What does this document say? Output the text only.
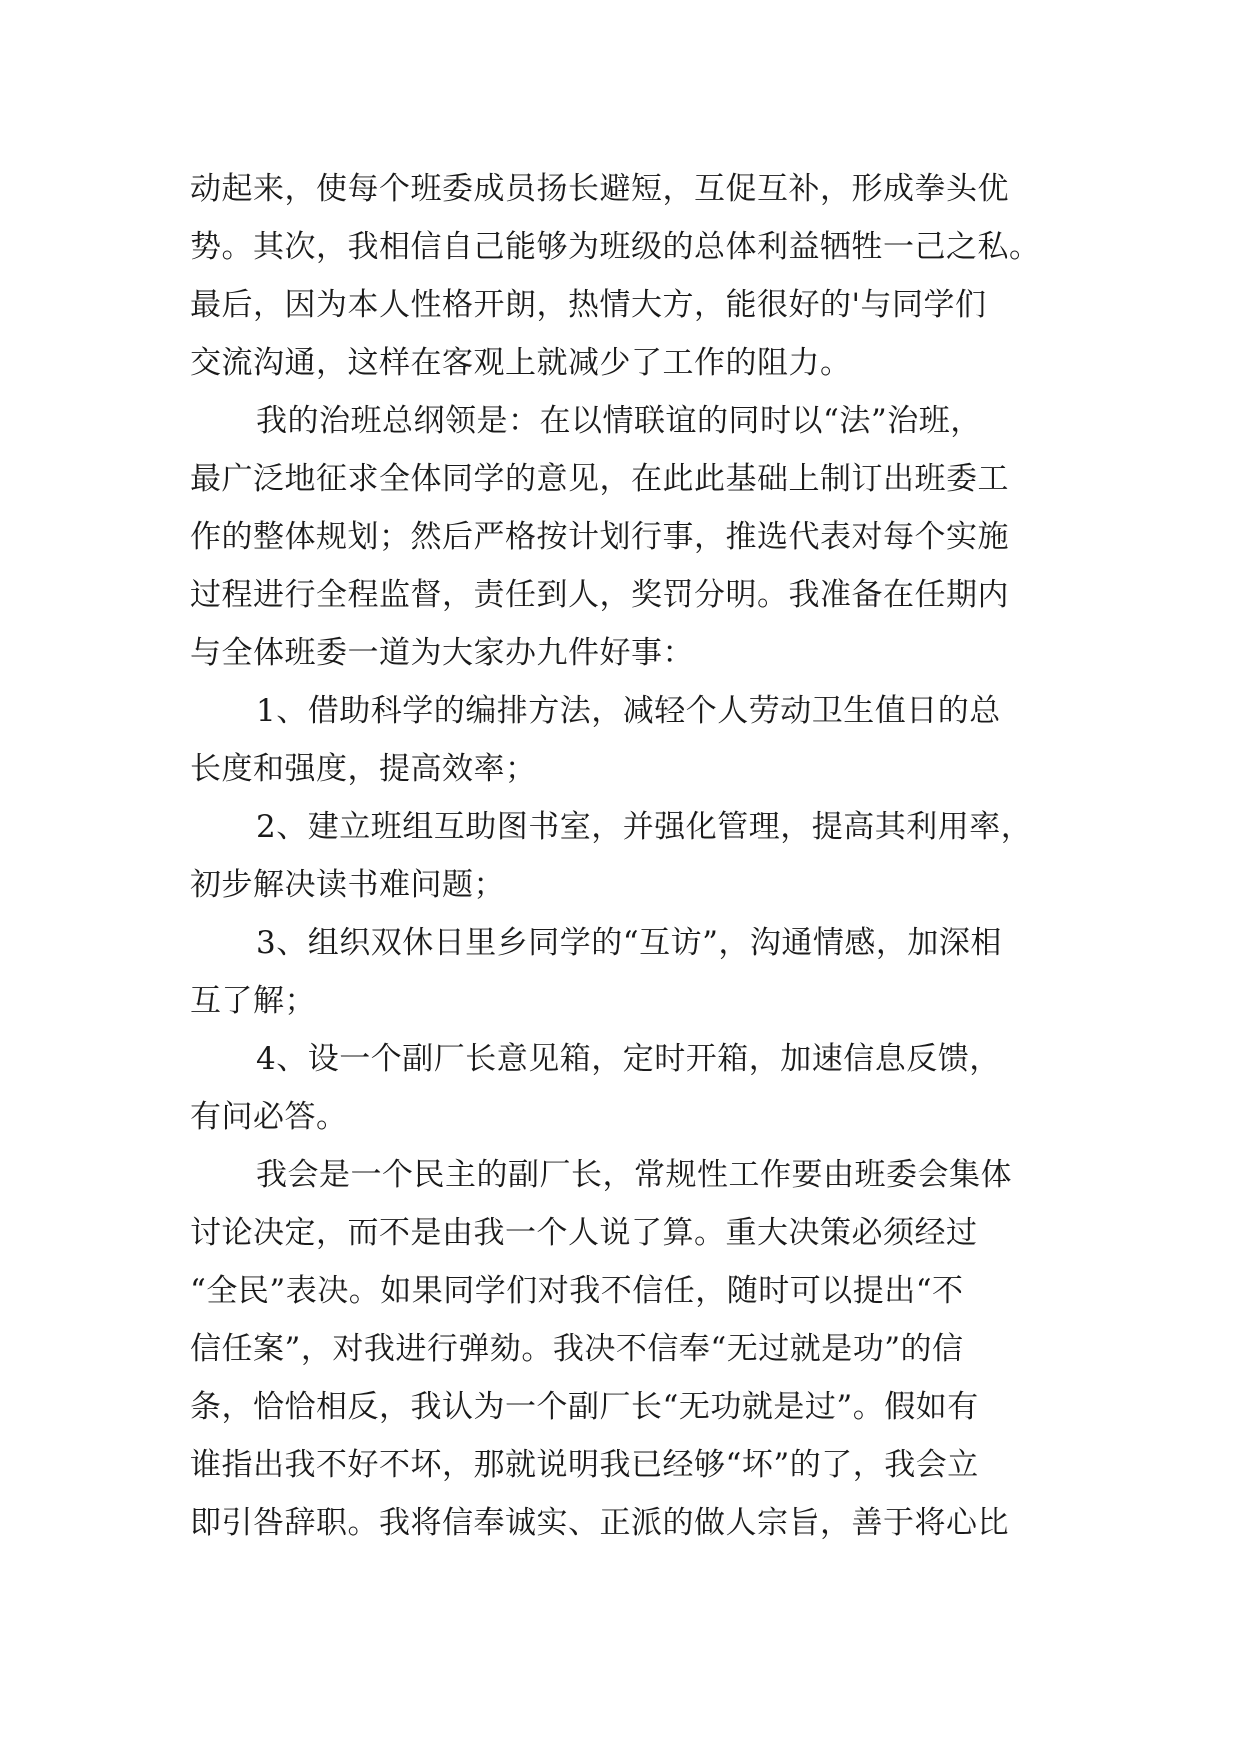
动起来，使每个班委成员扬长避短，互促互补，形成拳头优
势。其次，我相信自己能够为班级的总体利益牺牲一己之私。
最后，因为本人性格开朗，热情大方，能很好的'与同学们
交流沟通，这样在客观上就减少了工作的阻力。
我的治班总纲领是：在以情联谊的同时以“法”治班，
最广泛地征求全体同学的意见，在此此基础上制订出班委工
作的整体规划；然后严格按计划行事，推选代表对每个实施
过程进行全程监督，责任到人，奖罚分明。我准备在任期内
与全体班委一道为大家办九件好事：
1、借助科学的编排方法，减轻个人劳动卫生值日的总
长度和强度，提高效率；
2、建立班组互助图书室，并强化管理，提高其利用率，
初步解决读书难问题；
3、组织双休日里乡同学的“互访”，沟通情感，加深相
互了解；
4、设一个副厂长意见箱，定时开箱，加速信息反馈，
有问必答。
我会是一个民主的副厂长，常规性工作要由班委会集体
讨论决定，而不是由我一个人说了算。重大决策必须经过
“全民”表决。如果同学们对我不信任，随时可以提出“不
信任案”，对我进行弹劾。我决不信奉“无过就是功”的信
条，恰恰相反，我认为一个副厂长“无功就是过”。假如有
谁指出我不好不坏，那就说明我已经够“坏”的了，我会立
即引咎辞职。我将信奉诚实、正派的做人宗旨，善于将心比
